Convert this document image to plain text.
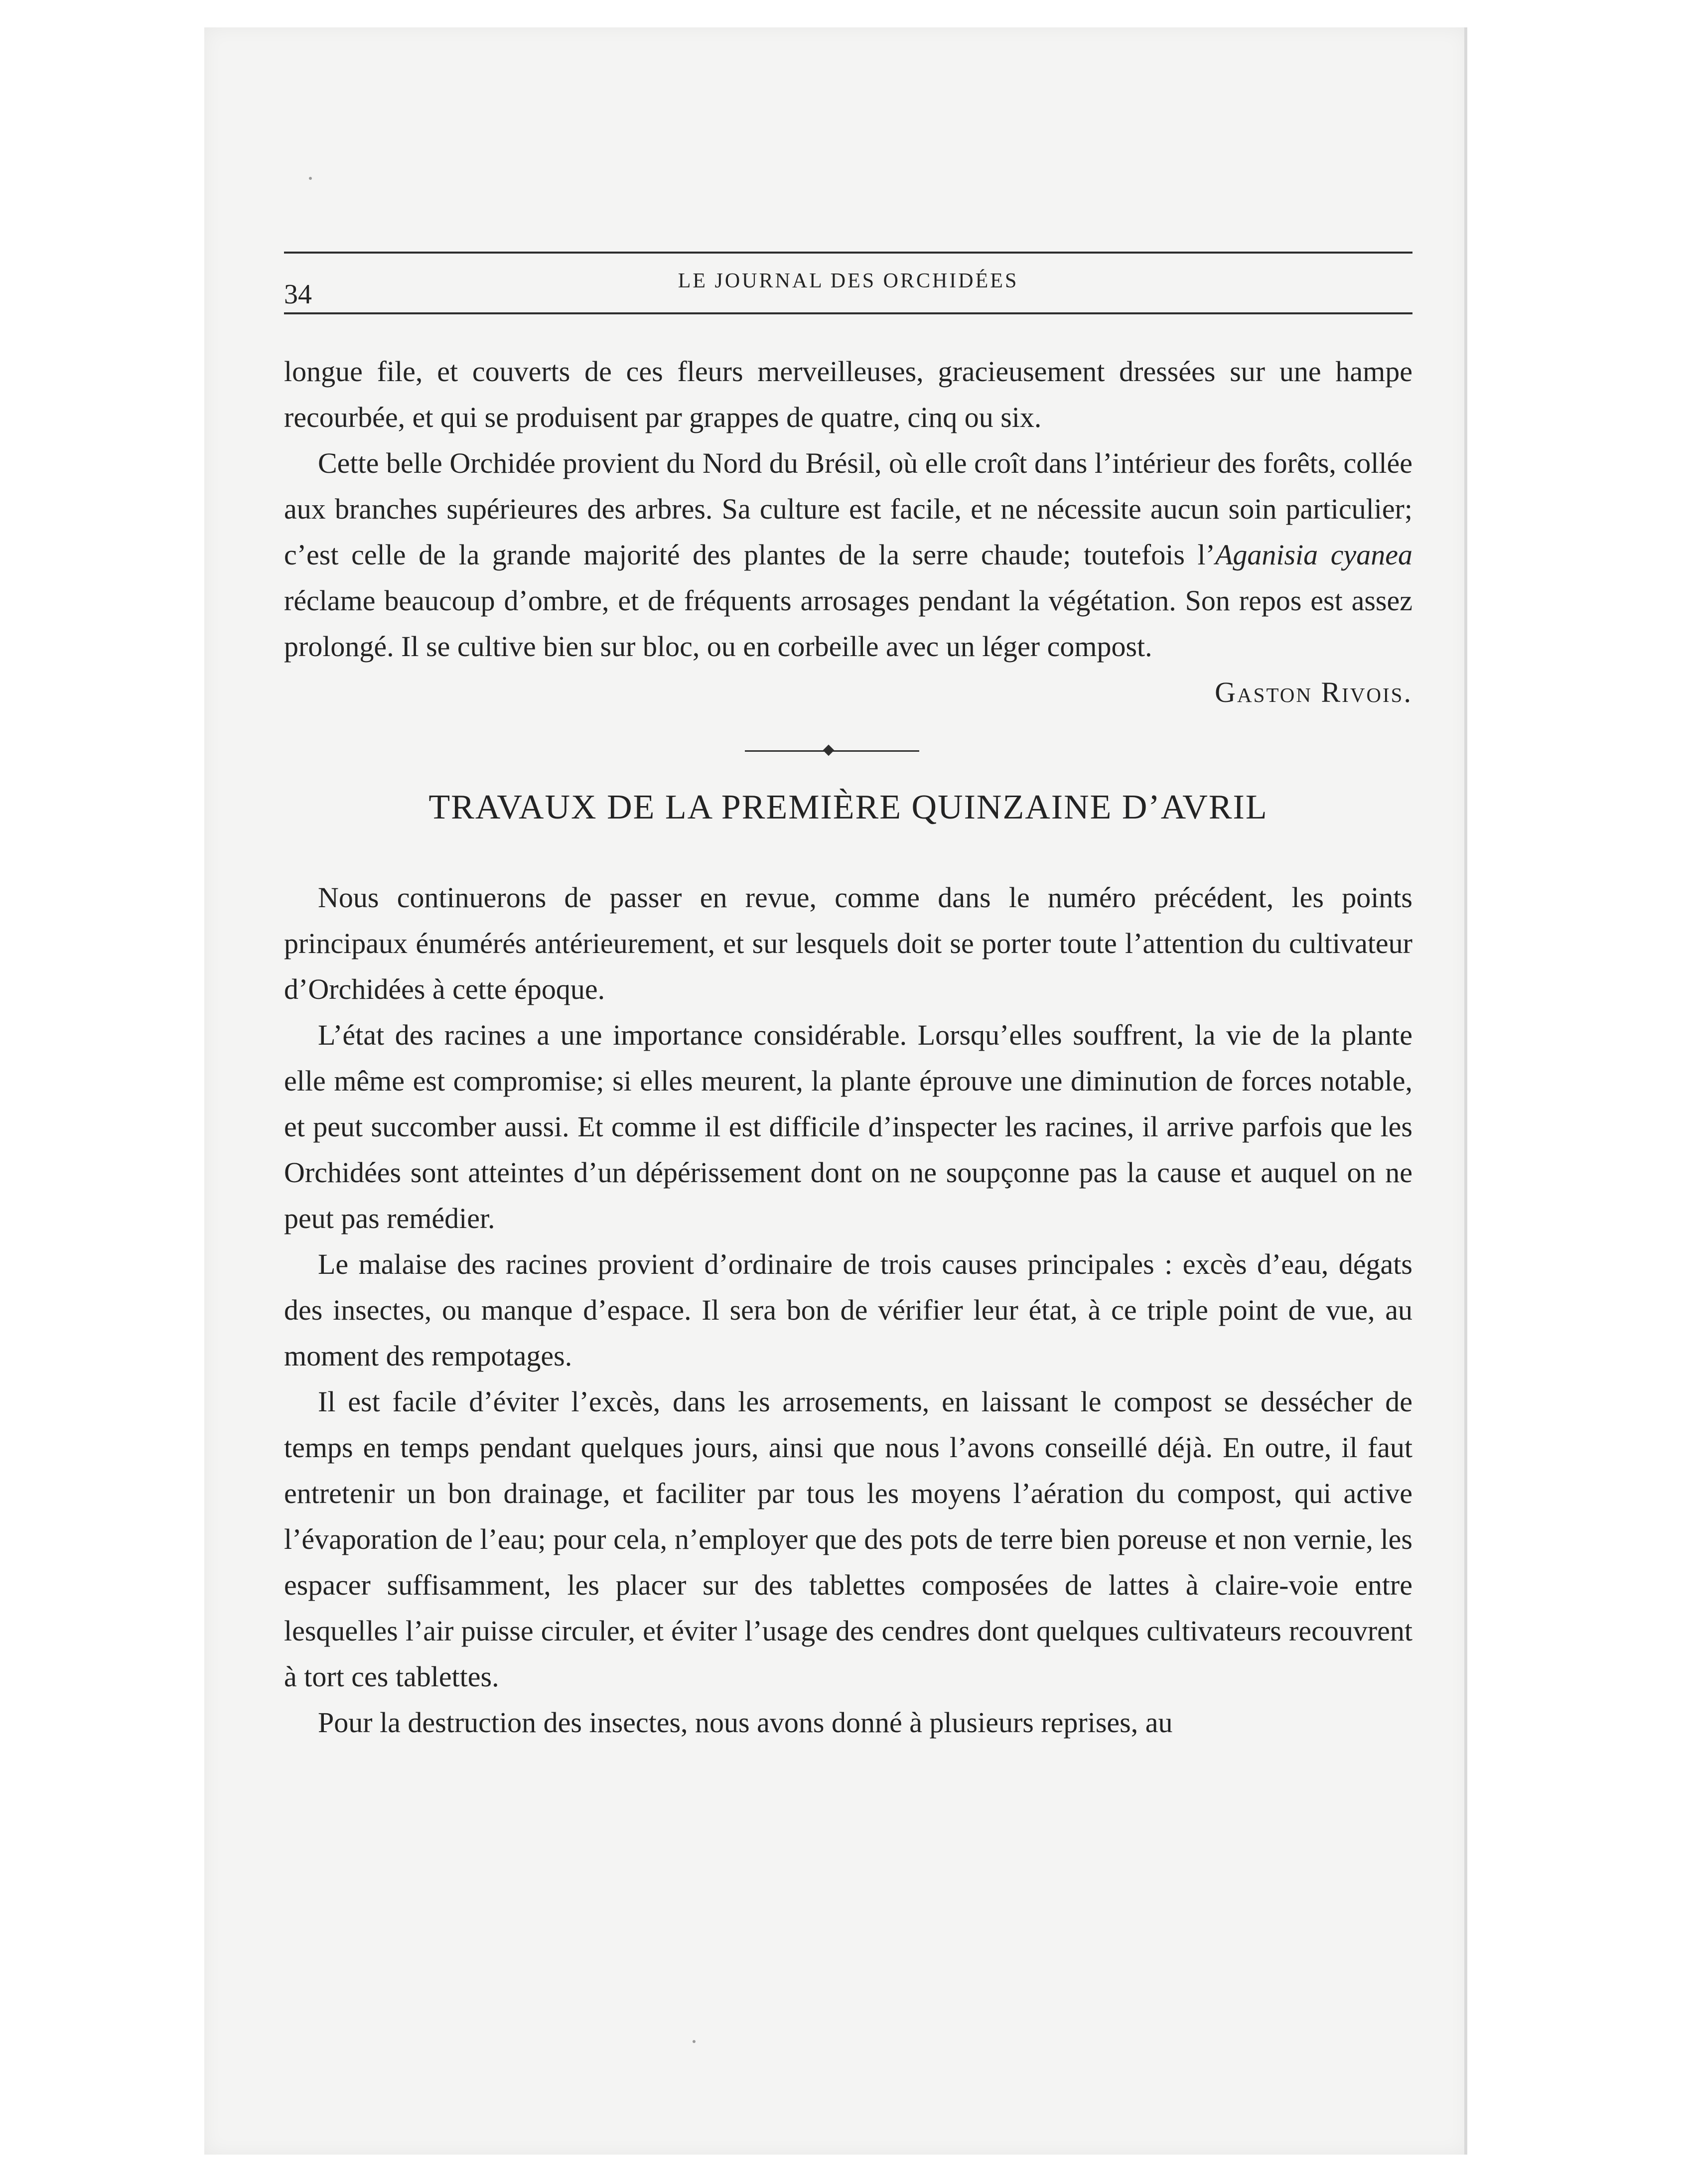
34	LE JOURNAL DES ORCHIDÉES

longue file, et couverts de ces fleurs merveilleuses, gracieusement dressées sur une hampe recourbée, et qui se produisent par grappes de quatre, cinq ou six.

Cette belle Orchidée provient du Nord du Brésil, où elle croît dans l’intérieur des forêts, collée aux branches supérieures des arbres. Sa culture est facile, et ne nécessite aucun soin particulier; c’est celle de la grande majorité des plantes de la serre chaude; toutefois l’Aganisia cyanea réclame beaucoup d’ombre, et de fréquents arrosages pendant la végétation. Son repos est assez prolongé. Il se cultive bien sur bloc, ou en corbeille avec un léger compost.

Gaston Rivois.

TRAVAUX DE LA PREMIÈRE QUINZAINE D’AVRIL

Nous continuerons de passer en revue, comme dans le numéro précédent, les points principaux énumérés antérieurement, et sur lesquels doit se porter toute l’attention du cultivateur d’Orchidées à cette époque.

L’état des racines a une importance considérable. Lorsqu’elles souffrent, la vie de la plante elle même est compromise; si elles meurent, la plante éprouve une diminution de forces notable, et peut succomber aussi. Et comme il est difficile d’inspecter les racines, il arrive parfois que les Orchidées sont atteintes d’un dépérissement dont on ne soupçonne pas la cause et auquel on ne peut pas remédier.

Le malaise des racines provient d’ordinaire de trois causes principales : excès d’eau, dégats des insectes, ou manque d’espace. Il sera bon de vérifier leur état, à ce triple point de vue, au moment des rempotages.

Il est facile d’éviter l’excès, dans les arrosements, en laissant le compost se dessécher de temps en temps pendant quelques jours, ainsi que nous l’avons conseillé déjà. En outre, il faut entretenir un bon drainage, et faciliter par tous les moyens l’aération du compost, qui active l’évaporation de l’eau; pour cela, n’employer que des pots de terre bien poreuse et non vernie, les espacer suffisamment, les placer sur des tablettes composées de lattes à claire-voie entre lesquelles l’air puisse circuler, et éviter l’usage des cendres dont quelques cultivateurs recouvrent à tort ces tablettes.

Pour la destruction des insectes, nous avons donné à plusieurs reprises, au
